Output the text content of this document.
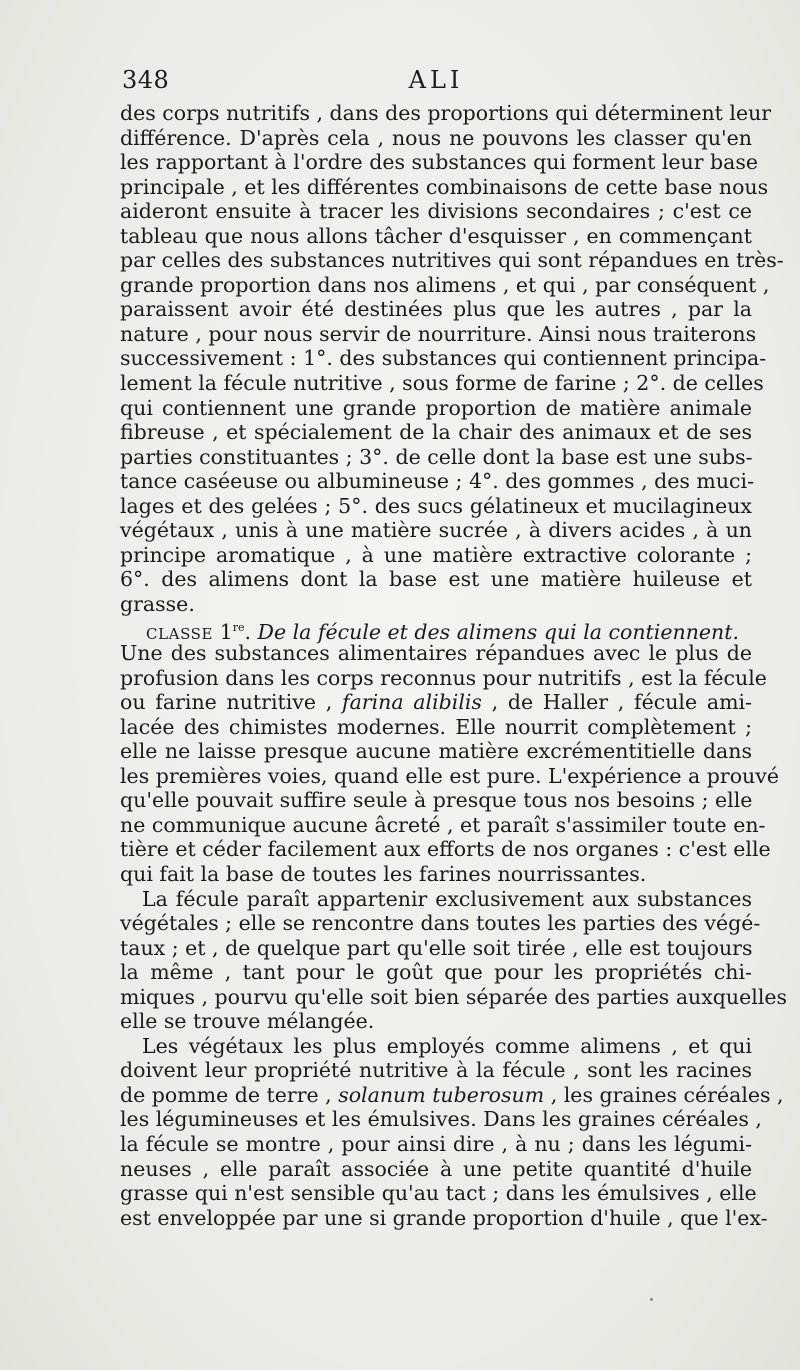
348	ALI
des corps nutritifs , dans des proportions qui déterminent leur
différence. D'après cela , nous ne pouvons les classer qu'en
les rapportant à l'ordre des substances qui forment leur base
principale , et les différentes combinaisons de cette base nous
aideront ensuite à tracer les divisions secondaires ; c'est ce
tableau que nous allons tâcher d'esquisser , en commençant
par celles des substances nutritives qui sont répandues en très-
grande proportion dans nos alimens , et qui , par conséquent ,
paraissent avoir été destinées plus que les autres , par la
nature , pour nous servir de nourriture. Ainsi nous traiterons
successivement : 1°. des substances qui contiennent principa-
lement la fécule nutritive , sous forme de farine ; 2°. de celles
qui contiennent une grande proportion de matière animale
fibreuse , et spécialement de la chair des animaux et de ses
parties constituantes ; 3°. de celle dont la base est une subs-
tance caséeuse ou albumineuse ; 4°. des gommes , des muci-
lages et des gelées ; 5°. des sucs gélatineux et mucilagineux
végétaux , unis à une matière sucrée , à divers acides , à un
principe aromatique , à une matière extractive colorante ;
6°. des alimens dont la base est une matière huileuse et
grasse.
CLASSE 1re. De la fécule et des alimens qui la contiennent.
Une des substances alimentaires répandues avec le plus de
profusion dans les corps reconnus pour nutritifs , est la fécule
ou farine nutritive , farina alibilis , de Haller , fécule ami-
lacée des chimistes modernes. Elle nourrit complètement ;
elle ne laisse presque aucune matière excrémentitielle dans
les premières voies, quand elle est pure. L'expérience a prouvé
qu'elle pouvait suffire seule à presque tous nos besoins ; elle
ne communique aucune âcreté , et paraît s'assimiler toute en-
tière et céder facilement aux efforts de nos organes : c'est elle
qui fait la base de toutes les farines nourrissantes.
La fécule paraît appartenir exclusivement aux substances
végétales ; elle se rencontre dans toutes les parties des végé-
taux ; et , de quelque part qu'elle soit tirée , elle est toujours
la même , tant pour le goût que pour les propriétés chi-
miques , pourvu qu'elle soit bien séparée des parties auxquelles
elle se trouve mélangée.
Les végétaux les plus employés comme alimens , et qui
doivent leur propriété nutritive à la fécule , sont les racines
de pomme de terre , solanum tuberosum , les graines céréales ,
les légumineuses et les émulsives. Dans les graines céréales ,
la fécule se montre , pour ainsi dire , à nu ; dans les légumi-
neuses , elle paraît associée à une petite quantité d'huile
grasse qui n'est sensible qu'au tact ; dans les émulsives , elle
est enveloppée par une si grande proportion d'huile , que l'ex-
